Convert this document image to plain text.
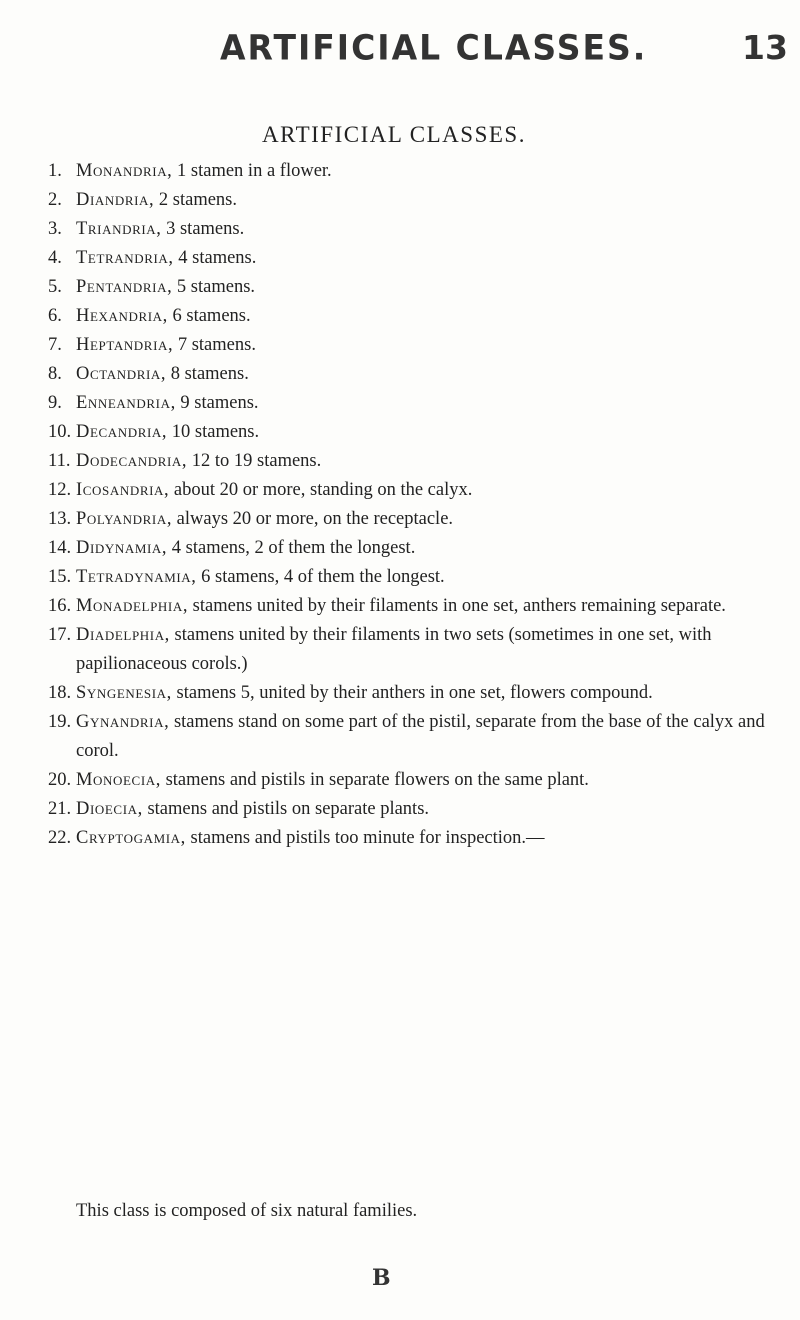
ARTIFICIAL CLASSES.	13
ARTIFICIAL CLASSES.
1. Monandria, 1 stamen in a flower.
2. Diandria, 2 stamens.
3. Triandria, 3 stamens.
4. Tetrandria, 4 stamens.
5. Pentandria, 5 stamens.
6. Hexandria, 6 stamens.
7. Heptandria, 7 stamens.
8. Octandria, 8 stamens.
9. Enneandria, 9 stamens.
10. Decandria, 10 stamens.
11. Dodecandria, 12 to 19 stamens.
12. Icosandria, about 20 or more, standing on the calyx.
13. Polyandria, always 20 or more, on the receptacle.
14. Didynamia, 4 stamens, 2 of them the longest.
15. Tetradynamia, 6 stamens, 4 of them the longest.
16. Monadelphia, stamens united by their filaments in one set, anthers remaining separate.
17. Diadelphia, stamens united by their filaments in two sets (sometimes in one set, with papilionaceous corols.)
18. Syngenesia, stamens 5, united by their anthers in one set, flowers compound.
19. Gynandria, stamens stand on some part of the pistil, separate from the base of the calyx and corol.
20. Monoecia, stamens and pistils in separate flowers on the same plant.
21. Dioecia, stamens and pistils on separate plants.
22. Cryptogamia, stamens and pistils too minute for inspection.—
This class is composed of six natural families.
B
